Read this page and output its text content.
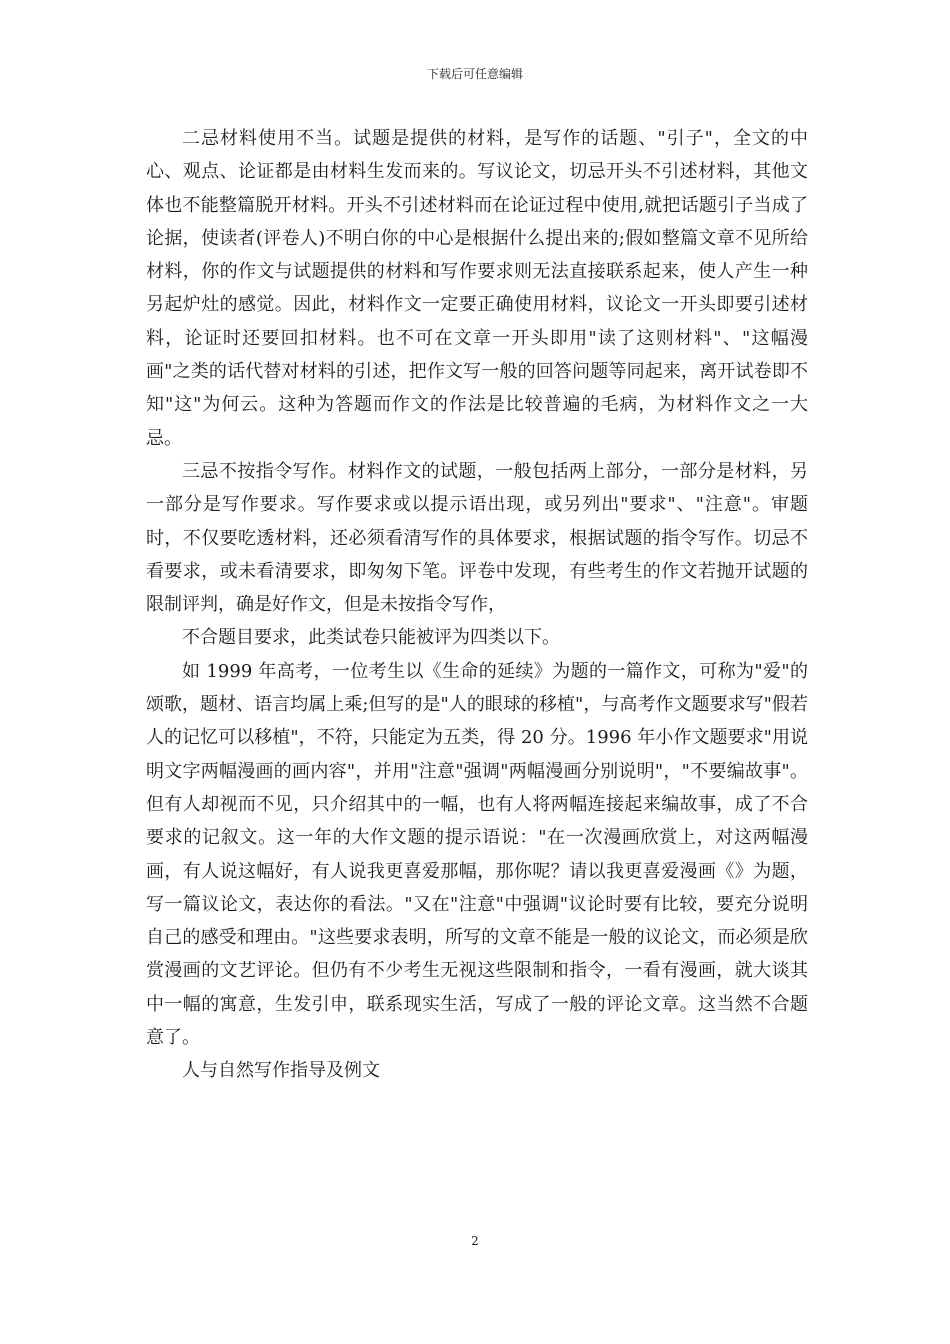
下载后可任意编辑

二忌材料使用不当。试题是提供的材料，是写作的话题、"引子"，全文的中心、观点、论证都是由材料生发而来的。写议论文，切忌开头不引述材料，其他文体也不能整篇脱开材料。开头不引述材料而在论证过程中使用,就把话题引子当成了论据，使读者(评卷人)不明白你的中心是根据什么提出来的;假如整篇文章不见所给材料，你的作文与试题提供的材料和写作要求则无法直接联系起来，使人产生一种另起炉灶的感觉。因此，材料作文一定要正确使用材料，议论文一开头即要引述材料，论证时还要回扣材料。也不可在文章一开头即用"读了这则材料"、"这幅漫画"之类的话代替对材料的引述，把作文写一般的回答问题等同起来，离开试卷即不知"这"为何云。这种为答题而作文的作法是比较普遍的毛病，为材料作文之一大忌。

三忌不按指令写作。材料作文的试题，一般包括两上部分，一部分是材料，另一部分是写作要求。写作要求或以提示语出现，或另列出"要求"、"注意"。审题时，不仅要吃透材料，还必须看清写作的具体要求，根据试题的指令写作。切忌不看要求，或未看清要求，即匆匆下笔。评卷中发现，有些考生的作文若抛开试题的限制评判，确是好作文，但是未按指令写作，

不合题目要求，此类试卷只能被评为四类以下。

如 1999 年高考，一位考生以《生命的延续》为题的一篇作文，可称为"爱"的颂歌，题材、语言均属上乘;但写的是"人的眼球的移植"，与高考作文题要求写"假若人的记忆可以移植"，不符，只能定为五类，得 20 分。1996 年小作文题要求"用说明文字两幅漫画的画内容"，并用"注意"强调"两幅漫画分别说明"，"不要编故事"。但有人却视而不见，只介绍其中的一幅，也有人将两幅连接起来编故事，成了不合要求的记叙文。这一年的大作文题的提示语说："在一次漫画欣赏上，对这两幅漫画，有人说这幅好，有人说我更喜爱那幅，那你呢？请以我更喜爱漫画《》为题，写一篇议论文，表达你的看法。"又在"注意"中强调"议论时要有比较，要充分说明自己的感受和理由。"这些要求表明，所写的文章不能是一般的议论文，而必须是欣赏漫画的文艺评论。但仍有不少考生无视这些限制和指令，一看有漫画，就大谈其中一幅的寓意，生发引申，联系现实生活，写成了一般的评论文章。这当然不合题意了。

人与自然写作指导及例文

2
